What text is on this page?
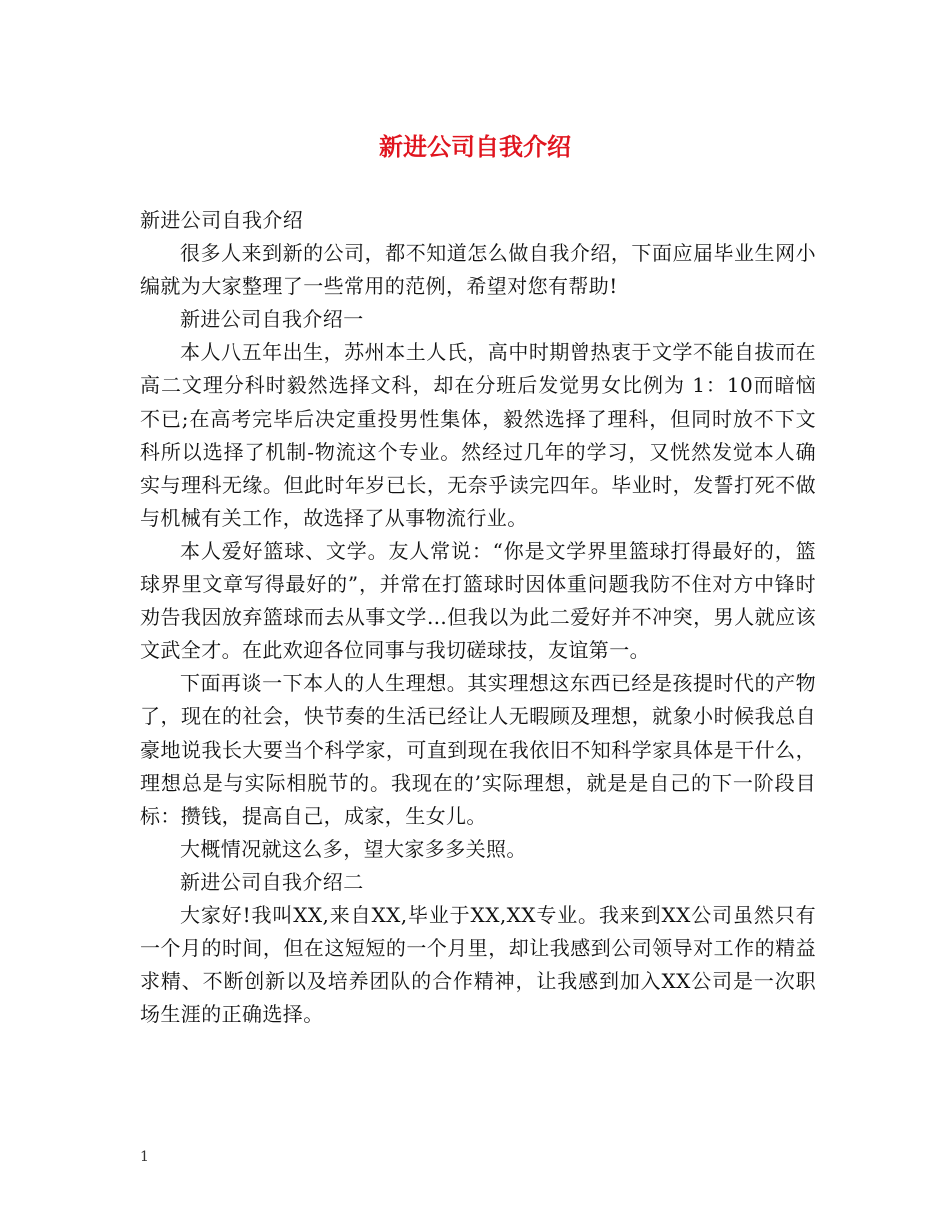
新进公司自我介绍

新进公司自我介绍

很多人来到新的公司，都不知道怎么做自我介绍，下面应届毕业生网小编就为大家整理了一些常用的范例，希望对您有帮助!

新进公司自我介绍一

本人八五年出生，苏州本土人氏，高中时期曾热衷于文学不能自拔而在高二文理分科时毅然选择文科，却在分班后发觉男女比例为 1：10而暗恼不已;在高考完毕后决定重投男性集体，毅然选择了理科，但同时放不下文科所以选择了机制-物流这个专业。然经过几年的学习，又恍然发觉本人确实与理科无缘。但此时年岁已长，无奈乎读完四年。毕业时，发誓打死不做与机械有关工作，故选择了从事物流行业。

本人爱好篮球、文学。友人常说：“你是文学界里篮球打得最好的，篮球界里文章写得最好的”，并常在打篮球时因体重问题我防不住对方中锋时劝告我因放弃篮球而去从事文学…但我以为此二爱好并不冲突，男人就应该文武全才。在此欢迎各位同事与我切磋球技，友谊第一。

下面再谈一下本人的人生理想。其实理想这东西已经是孩提时代的产物了，现在的社会，快节奏的生活已经让人无暇顾及理想，就象小时候我总自豪地说我长大要当个科学家，可直到现在我依旧不知科学家具体是干什么，理想总是与实际相脱节的。我现在的’实际理想，就是是自己的下一阶段目标：攒钱，提高自己，成家，生女儿。

大概情况就这么多，望大家多多关照。

新进公司自我介绍二

大家好!我叫XX,来自XX,毕业于XX,XX专业。我来到XX公司虽然只有一个月的时间，但在这短短的一个月里，却让我感到公司领导对工作的精益求精、不断创新以及培养团队的合作精神，让我感到加入XX公司是一次职场生涯的正确选择。

1
